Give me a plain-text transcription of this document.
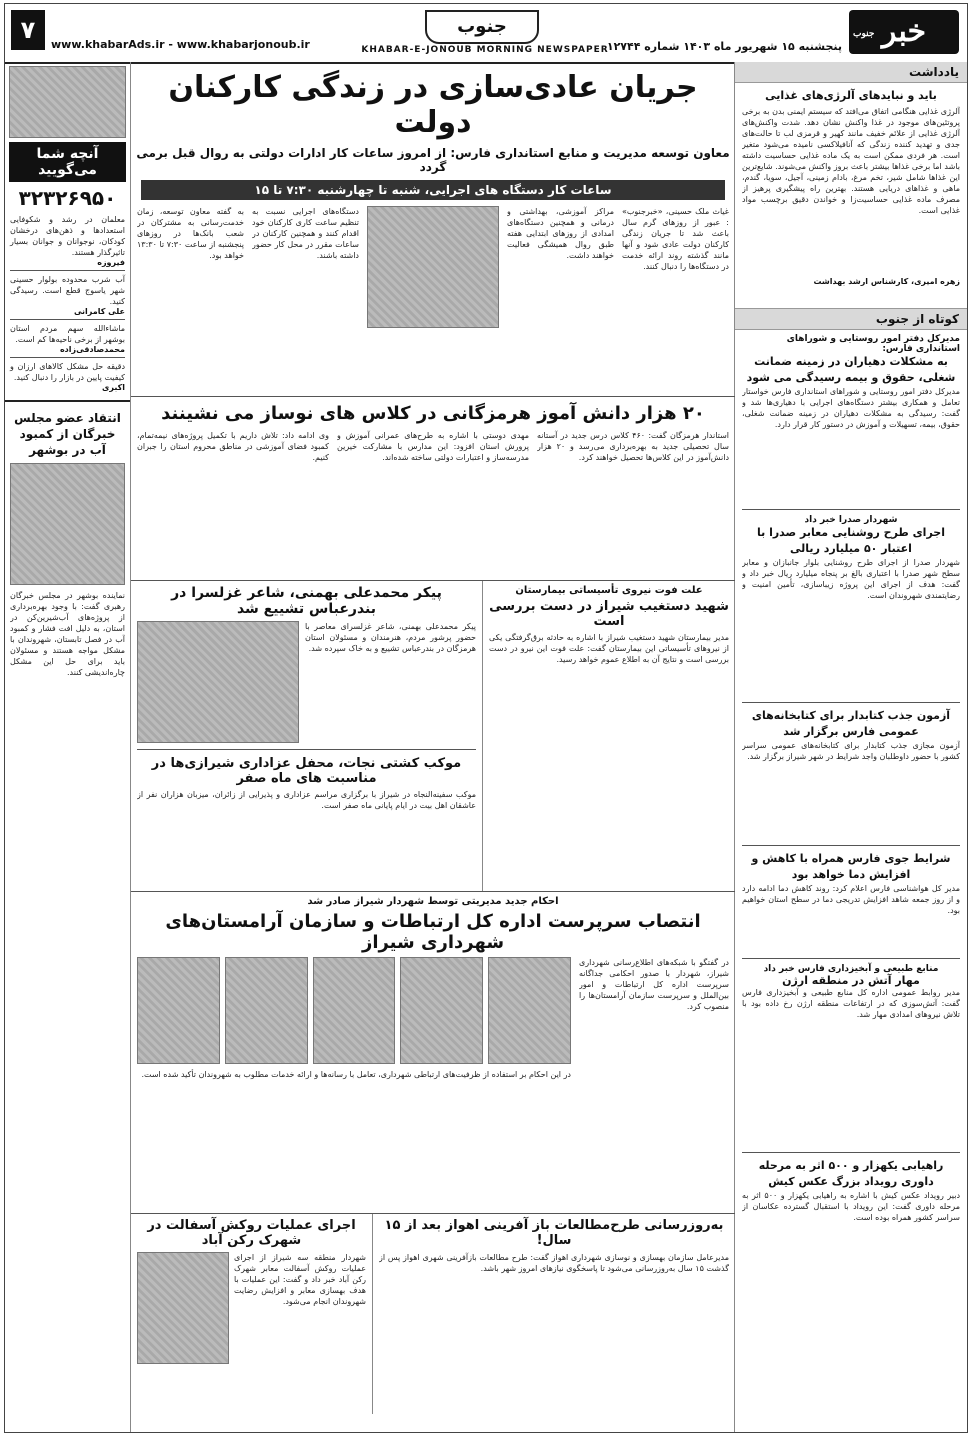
خبر
جنوب
پنجشنبه ۱۵ شهریور ماه ۱۴۰۳ شماره ۱۲۷۴۴
جنوب
KHABAR-E-JONOUB MORNING NEWSPAPER
www.khabarAds.ir - www.khabarjonoub.ir
۷
یادداشت
باید و نبایدهای آلرژی‌های غذایی
آلرژی غذایی هنگامی اتفاق می‌افتد که سیستم ایمنی بدن به برخی پروتئین‌های موجود در غذا واکنش نشان دهد. شدت واکنش‌های آلرژی غذایی از علائم خفیف مانند کهیر و قرمزی لب تا حالت‌های جدی و تهدید کننده زندگی که آنافیلاکسی نامیده می‌شود متغیر است. هر فردی ممکن است به یک ماده غذایی حساسیت داشته باشد اما برخی غذاها بیشتر باعث بروز واکنش می‌شوند. شایع‌ترین این غذاها شامل شیر، تخم مرغ، بادام زمینی، آجیل، سویا، گندم، ماهی و غذاهای دریایی هستند. بهترین راه پیشگیری پرهیز از مصرف ماده غذایی حساسیت‌زا و خواندن دقیق برچسب مواد غذایی است.
زهره امیری، کارشناس ارشد بهداشت
کوتاه از جنوب
مدیرکل دفتر امور روستایی و شوراهای استانداری فارس:
به مشکلات دهیاران در زمینه ضمانت شغلی، حقوق و بیمه رسیدگی می شود
مدیرکل دفتر امور روستایی و شوراهای استانداری فارس خواستار تعامل و همکاری بیشتر دستگاه‌های اجرایی با دهیاری‌ها شد و گفت: رسیدگی به مشکلات دهیاران در زمینه ضمانت شغلی، حقوق، بیمه، تسهیلات و آموزش در دستور کار قرار دارد.
شهردار صدرا خبر داد
اجرای طرح روشنایی معابر صدرا با اعتبار ۵۰ میلیارد ریالی
شهردار صدرا از اجرای طرح روشنایی بلوار جانبازان و معابر سطح شهر صدرا با اعتباری بالغ بر پنجاه میلیارد ریال خبر داد و گفت: هدف از اجرای این پروژه زیباسازی، تأمین امنیت و رضایتمندی شهروندان است.
آزمون جذب کتابدار برای کتابخانه‌های عمومی فارس برگزار شد
آزمون مجازی جذب کتابدار برای کتابخانه‌های عمومی سراسر کشور با حضور داوطلبان واجد شرایط در شهر شیراز برگزار شد.
شرایط جوی فارس همراه با کاهش و افزایش دما خواهد بود
مدیر کل هواشناسی فارس اعلام کرد: روند کاهش دما ادامه دارد و از روز جمعه شاهد افزایش تدریجی دما در سطح استان خواهیم بود.
منابع طبیعی و آبخیزداری فارس خبر داد
مهار آتش در منطقه ارژن
مدیر روابط عمومی اداره کل منابع طبیعی و آبخیزداری فارس گفت: آتش‌سوزی که در ارتفاعات منطقه ارژن رخ داده بود با تلاش نیروهای امدادی مهار شد.
راهیابی یکهزار و ۵۰۰ اثر به مرحله داوری رویداد بزرگ عکس کیش
دبیر رویداد عکس کیش با اشاره به راهیابی یکهزار و ۵۰۰ اثر به مرحله داوری گفت: این رویداد با استقبال گسترده عکاسان از سراسر کشور همراه بوده است.
جریان عادی‌سازی در زندگی کارکنان دولت
معاون توسعه مدیریت و منابع استانداری فارس: از امروز ساعات کار ادارات دولتی به روال قبل برمی گردد
ساعات کار دستگاه های اجرایی، شنبه تا چهارشنبه ۷:۳۰ تا ۱۵
غیاث ملک حسینی، «خبرجنوب» : عبور از روزهای گرم سال باعث شد تا جریان زندگی کارکنان دولت عادی شود و آنها مانند گذشته روند ارائه خدمت در دستگاه‌ها را دنبال کنند.
مراکز آموزشی، بهداشتی و درمانی و همچنین دستگاه‌های امدادی از روزهای ابتدایی هفته طبق روال همیشگی فعالیت خواهند داشت.
دستگاه‌های اجرایی نسبت به تنظیم ساعت کاری کارکنان خود اقدام کنند و همچنین کارکنان در ساعات مقرر در محل کار حضور داشته باشند.
به گفته معاون توسعه، زمان خدمت‌رسانی به مشترکان در شعب بانک‌ها در روزهای پنجشنبه از ساعت ۷:۳۰ تا ۱۳:۳۰ خواهد بود.
۲۰ هزار دانش آموز هرمزگانی در کلاس های نوساز می نشینند
استاندار هرمزگان گفت: ۴۶۰ کلاس درس جدید در آستانه سال تحصیلی جدید به بهره‌برداری می‌رسد و ۲۰ هزار دانش‌آموز در این کلاس‌ها تحصیل خواهند کرد.
مهدی دوستی با اشاره به طرح‌های عمرانی آموزش و پرورش استان افزود: این مدارس با مشارکت خیرین مدرسه‌ساز و اعتبارات دولتی ساخته شده‌اند.
وی ادامه داد: تلاش داریم با تکمیل پروژه‌های نیمه‌تمام، کمبود فضای آموزشی در مناطق محروم استان را جبران کنیم.
علت فوت نیروی تأسیساتی بیمارستان
شهید دستغیب شیراز در دست بررسی است
مدیر بیمارستان شهید دستغیب شیراز با اشاره به حادثه برق‌گرفتگی یکی از نیروهای تأسیساتی این بیمارستان گفت: علت فوت این نیرو در دست بررسی است و نتایج آن به اطلاع عموم خواهد رسید.
پیکر محمدعلی بهمنی، شاعر غزلسرا در بندرعباس تشییع شد
پیکر محمدعلی بهمنی، شاعر غزلسرای معاصر با حضور پرشور مردم، هنرمندان و مسئولان استان هرمزگان در بندرعباس تشییع و به خاک سپرده شد.
موکب کشتی نجات، محفل عزاداری شیرازی‌ها در مناسبت های ماه صفر
موکب سفینه‌النجاه در شیراز با برگزاری مراسم عزاداری و پذیرایی از زائران، میزبان هزاران نفر از عاشقان اهل بیت در ایام پایانی ماه صفر است.
احکام جدید مدیریتی توسط شهردار شیراز صادر شد
انتصاب سرپرست اداره کل ارتباطات و سازمان آرامستان‌های شهرداری شیراز
در گفتگو با شبکه‌های اطلاع‌رسانی شهرداری شیراز، شهردار با صدور احکامی جداگانه سرپرست اداره کل ارتباطات و امور بین‌الملل و سرپرست سازمان آرامستان‌ها را منصوب کرد.
در این احکام بر استفاده از ظرفیت‌های ارتباطی شهرداری، تعامل با رسانه‌ها و ارائه خدمات مطلوب به شهروندان تأکید شده است.
به‌روزرسانی طرح‌مطالعات باز آفرینی اهواز بعد از ۱۵ سال!
مدیرعامل سازمان بهسازی و نوسازی شهرداری اهواز گفت: طرح مطالعات بازآفرینی شهری اهواز پس از گذشت ۱۵ سال به‌روزرسانی می‌شود تا پاسخگوی نیازهای امروز شهر باشد.
اجرای عملیات روکش آسفالت در شهرک رکن آباد
شهردار منطقه سه شیراز از اجرای عملیات روکش آسفالت معابر شهرک رکن آباد خبر داد و گفت: این عملیات با هدف بهسازی معابر و افزایش رضایت شهروندان انجام می‌شود.
آنچه شما
می‌گویید
۳۲۳۲۶۹۵۰
معلمان در رشد و شکوفایی استعدادها و ذهن‌های درخشان کودکان، نوجوانان و جوانان بسیار تاثیرگذار هستند.
فیروزه
آب شرب محدوده بولوار حسینی شهر یاسوج قطع است. رسیدگی کنید.
علی کامرانی
ماشاءالله سهم مردم استان بوشهر از برخی ناحیه‌ها کم است.
محمدصادقی‌زاده
دقیقه حل مشکل کالاهای ارزان و کیفیت پایین در بازار را دنبال کنید.
اکبری
انتقاد عضو مجلس خبرگان از کمبود آب در بوشهر
نماینده بوشهر در مجلس خبرگان رهبری گفت: با وجود بهره‌برداری از پروژه‌های آب‌شیرین‌کن در استان، به دلیل افت فشار و کمبود آب در فصل تابستان، شهروندان با مشکل مواجه هستند و مسئولان باید برای حل این مشکل چاره‌اندیشی کنند.
